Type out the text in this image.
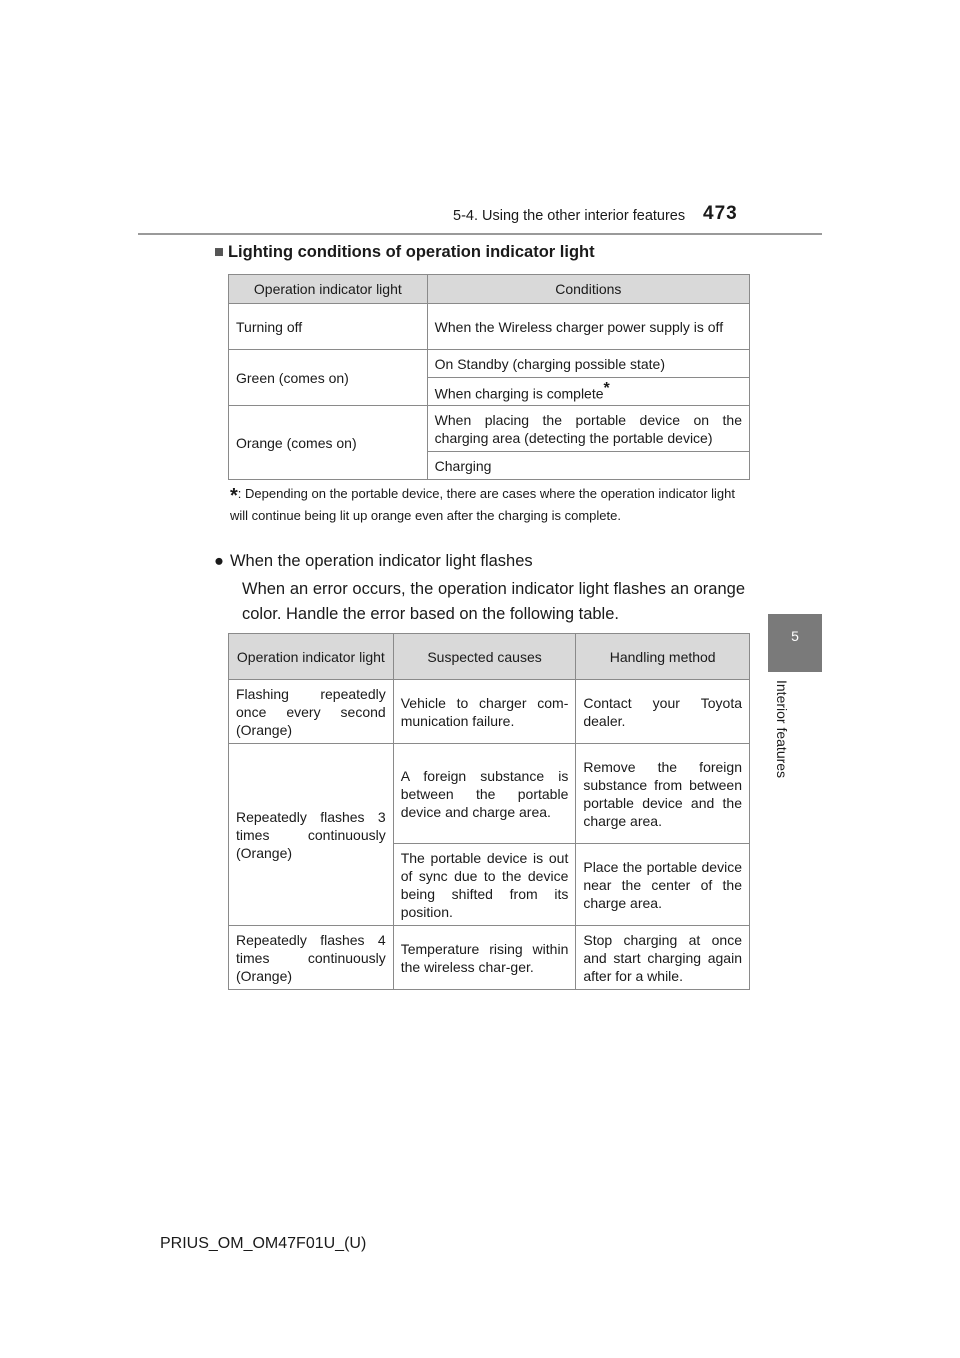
5-4. Using the other interior features 473
5
Interior features
■ Lighting conditions of operation indicator light
Operation indicator light	Conditions
Turning off	When the Wireless charger power supply is off
Green (comes on)	On Standby (charging possible state)
	When charging is complete*
Orange (comes on)	When placing the portable device on the charging area (detecting the portable device)
	Charging
*: Depending on the portable device, there are cases where the operation indicator light will continue being lit up orange even after the charging is complete.
● When the operation indicator light flashes
When an error occurs, the operation indicator light flashes an orange color. Handle the error based on the following table.
Operation indicator light	Suspected causes	Handling method
Flashing repeatedly once every second (Orange)	Vehicle to charger com-munication failure.	Contact your Toyota dealer.
Repeatedly flashes 3 times continuously (Orange)	A foreign substance is between the portable device and charge area.	Remove the foreign substance from between portable device and the charge area.
	The portable device is out of sync due to the device being shifted from its position.	Place the portable device near the center of the charge area.
Repeatedly flashes 4 times continuously (Orange)	Temperature rising within the wireless char-ger.	Stop charging at once and start charging again after for a while.
PRIUS_OM_OM47F01U_(U)
